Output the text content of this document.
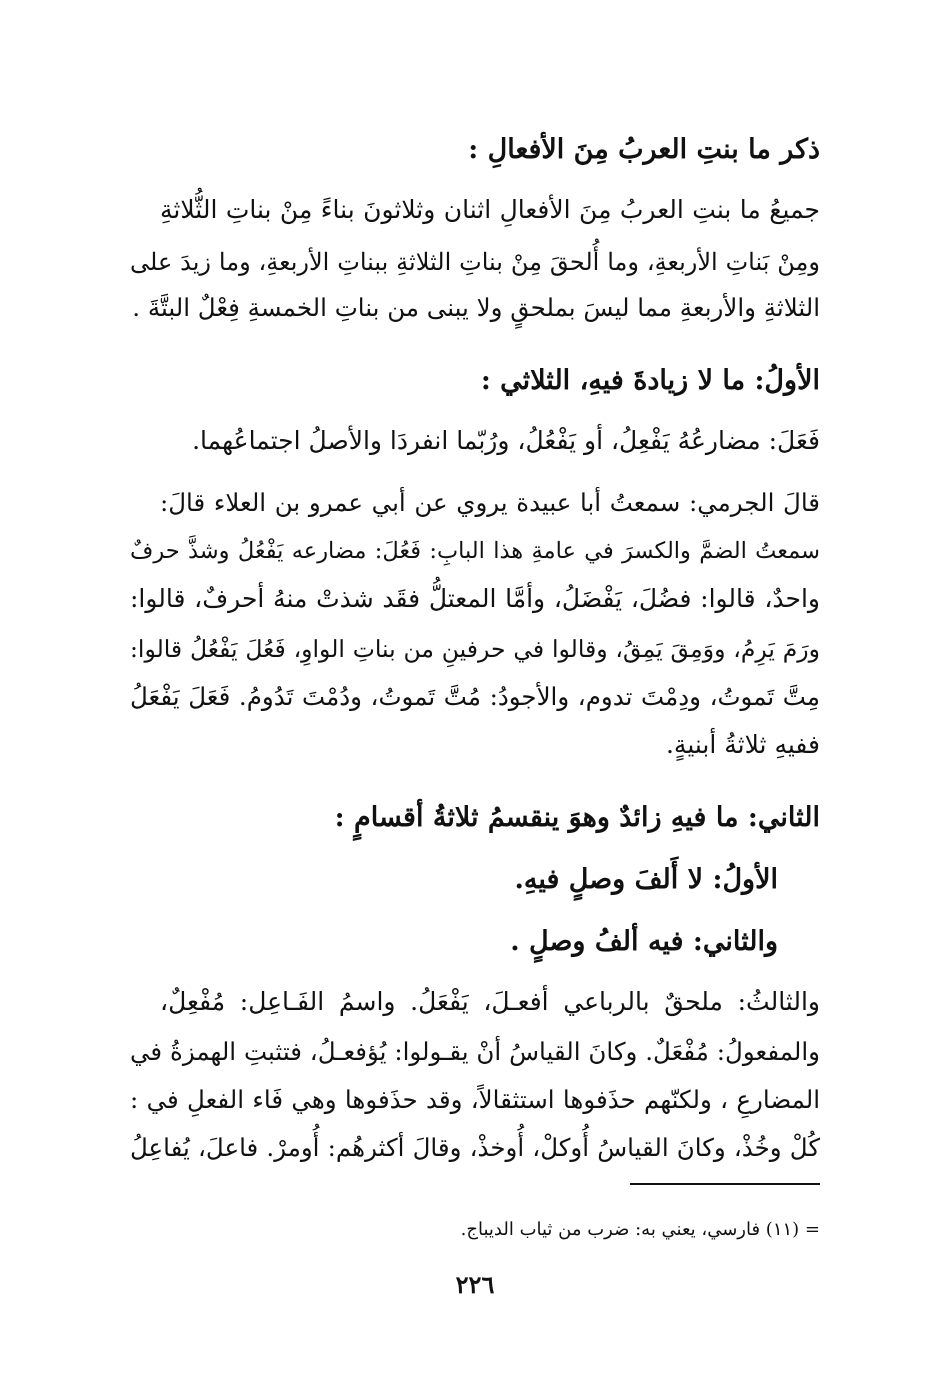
ذكر ما بنتِ العربُ مِنَ الأفعالِ :
جميعُ ما بنتِ العربُ مِنَ الأفعالِ اثنان وثلاثونَ بناءً مِنْ بناتِ الثُّلاثةِ
ومِنْ بَناتِ الأربعةِ، وما أُلحقَ مِنْ بناتِ الثلاثةِ ببناتِ الأربعةِ، وما زيدَ على
الثلاثةِ والأربعةِ مما ليسَ بملحقٍ ولا يبنى من بناتِ الخمسةِ فِعْلٌ البتَّةَ .
الأولُ: ما لا زيادةَ فيهِ، الثلاثي :
فَعَلَ: مضارعُهُ يَفْعِلُ، أو يَفْعُلُ، ورُبّما انفردَا والأصلُ اجتماعُهما.
قالَ الجرمي: سمعتُ أبا عبيدة يروي عن أبي عمرو بن العلاء قالَ:
سمعتُ الضمَّ والكسرَ في عامةِ هذا البابِ: فَعُلَ: مضارعه يَفْعُلُ وشذَّ حرفٌ
واحدٌ، قالوا: فضُلَ، يَفْضَلُ، وأمَّا المعتلُّ فقَد شذتْ منهُ أحرفٌ، قالوا:
ورَمَ يَرِمُ، ووَمِقَ يَمِقُ، وقالوا في حرفينِ من بناتِ الواوِ، فَعُلَ يَفْعُلُ قالوا:
مِتَّ تَموتُ، ودِمْتَ تدوم، والأجودُ: مُتَّ تَموتُ، ودُمْتَ تَدُومُ. فَعَلَ يَفْعَلُ
ففيهِ ثلاثةُ أبنيةٍ.
الثاني: ما فيهِ زائدٌ وهوَ ينقسمُ ثلاثةُ أقسامٍ :
الأولُ: لا أَلفَ وصلٍ فيهِ.
والثاني: فيه ألفُ وصلٍ .
والثالثُ: ملحقٌ بالرباعي أفعـلَ، يَفْعَلُ. واسمُ الفَـاعِل: مُفْعِلٌ،
والمفعولُ: مُفْعَلٌ. وكانَ القياسُ أنْ يقـولوا: يُؤفعـلُ، فتثبتِ الهمزةُ في
المضارعِ ، ولكنّهم حذَفوها استثقالاً، وقد حذَفوها وهي فَاء الفعلِ في :
كُلْ وخُذْ، وكانَ القياسُ أُوكلْ، أُوخذْ، وقالَ أكثرهُم: أُومرْ. فاعلَ، يُفاعِلُ
= (١١) فارسي، يعني به: ضرب من ثياب الديباج.
٢٢٦
